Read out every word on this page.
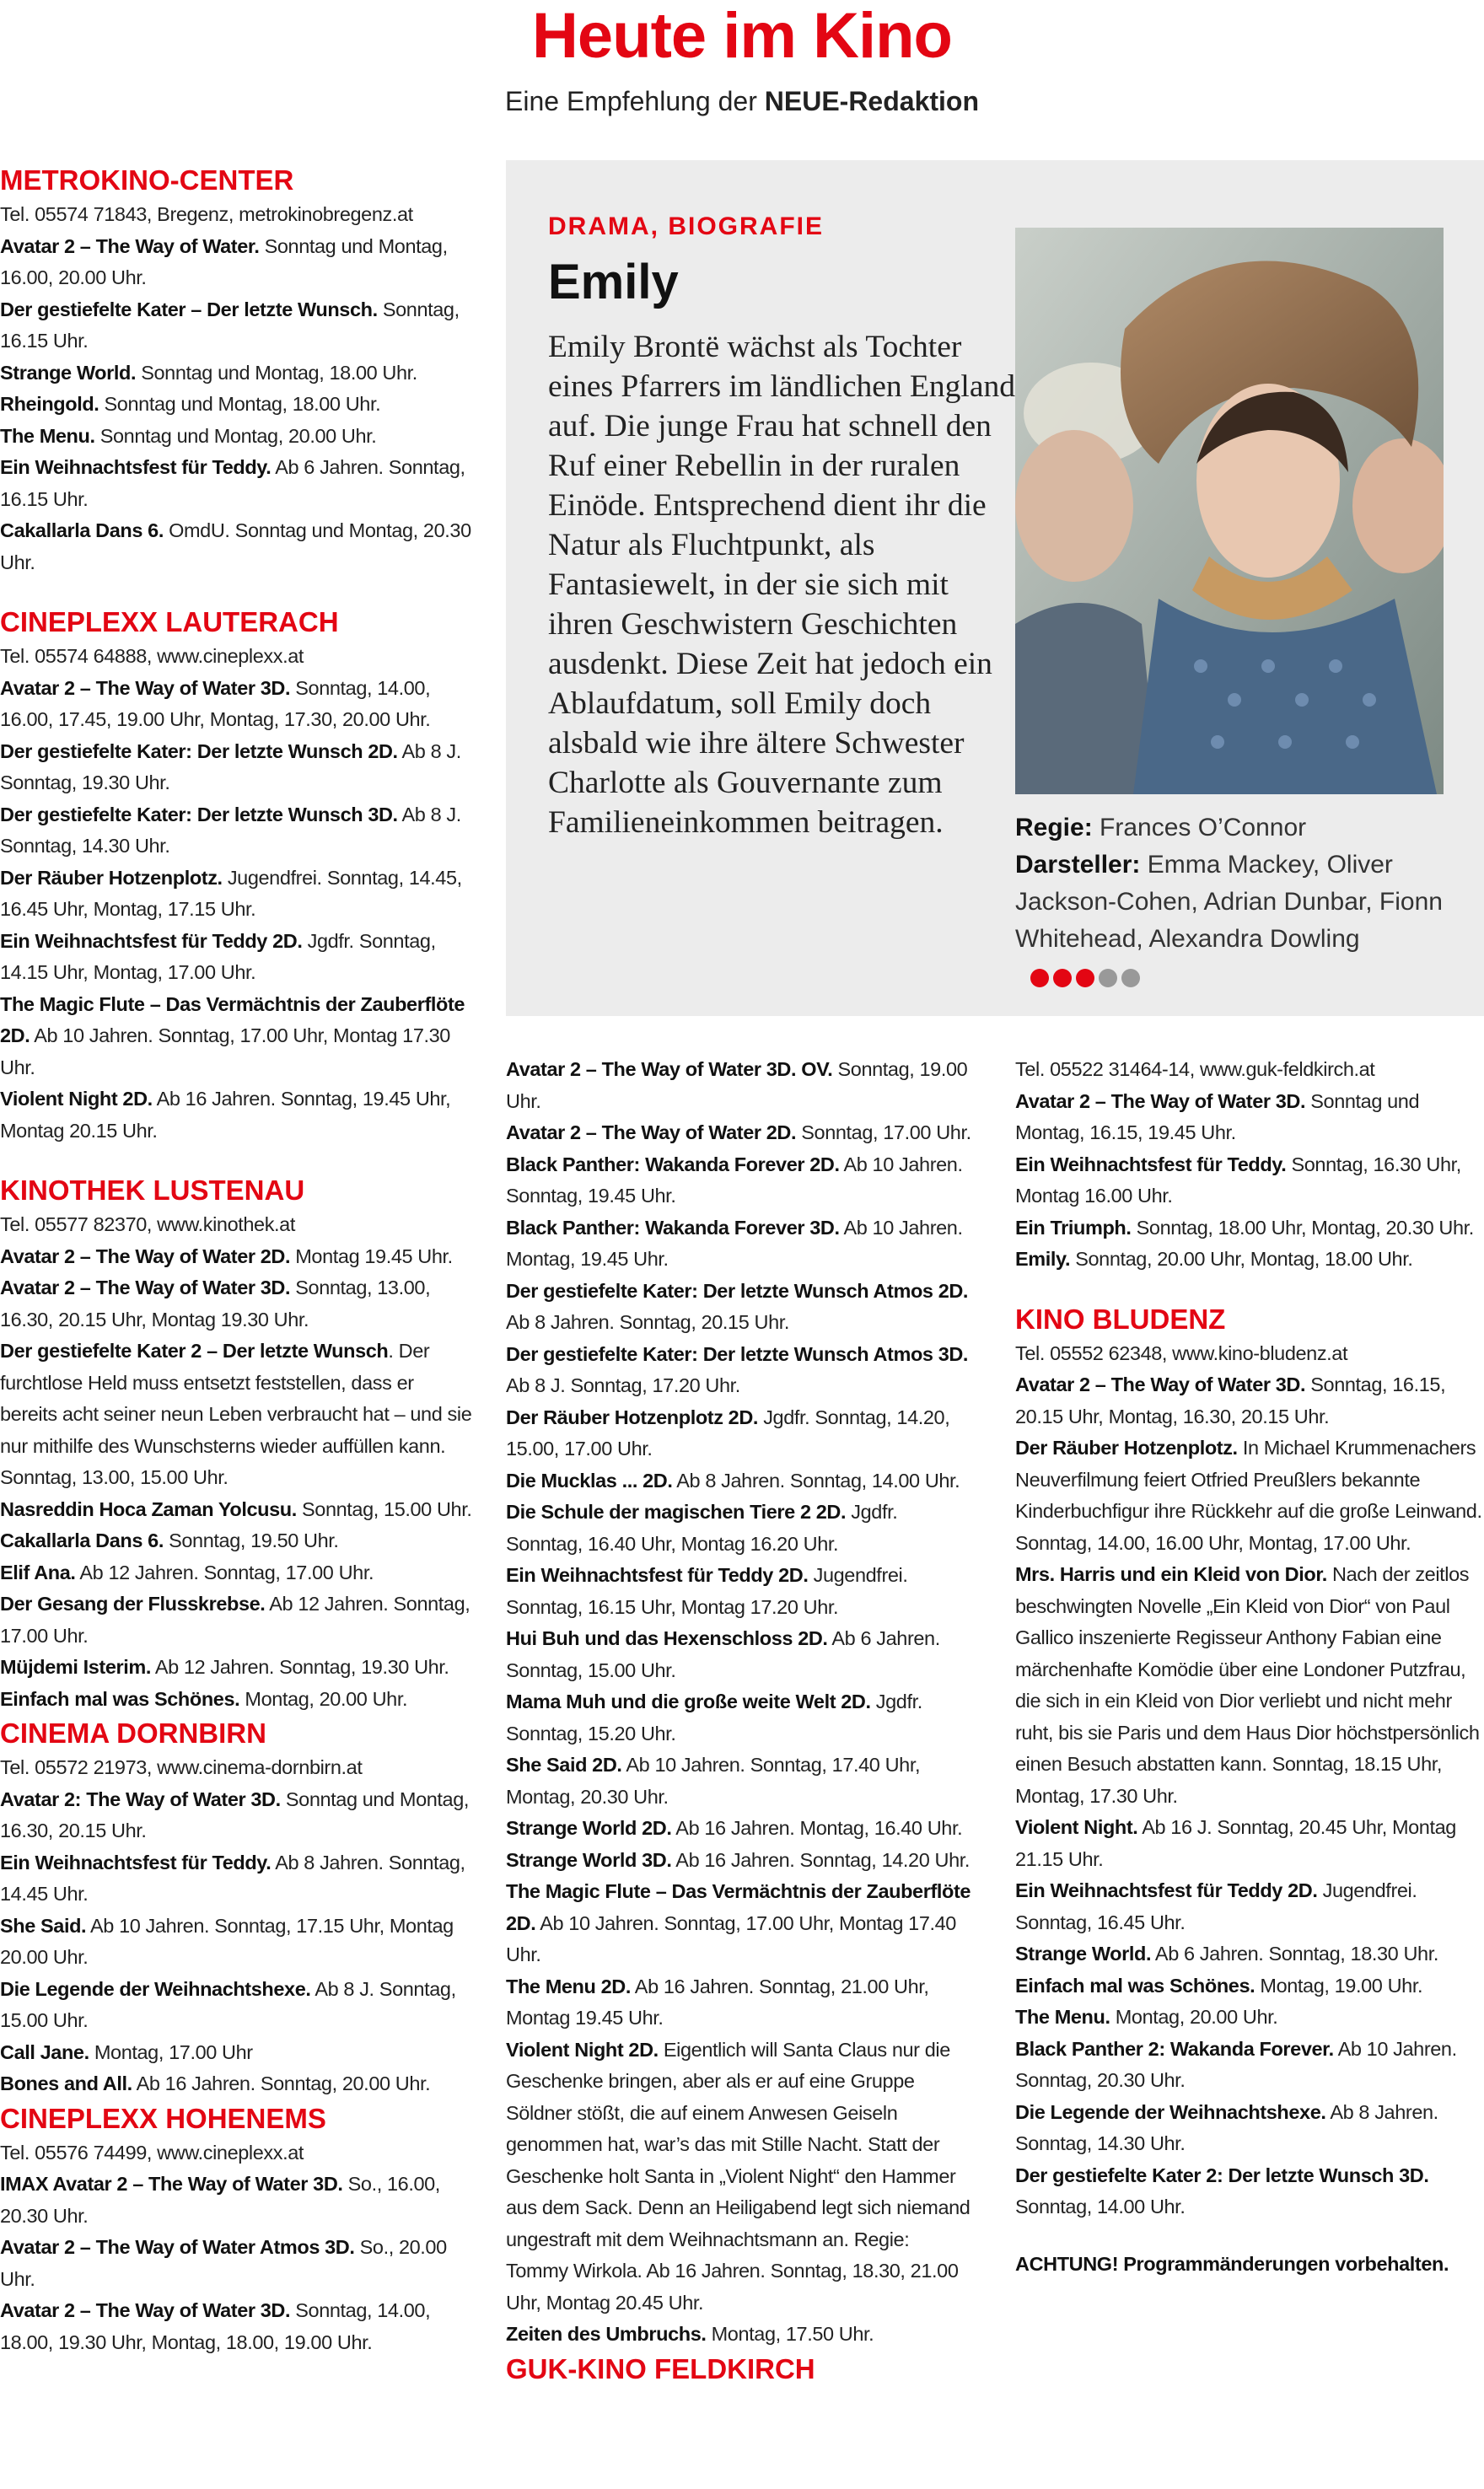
Heute im Kino
Eine Empfehlung der NEUE-Redaktion

METROKINO-CENTER

Tel. 05574 71843, Bregenz, metrokinobregenz.at

Avatar 2 – The Way of Water. Sonntag und Montag, 16.00, 20.00 Uhr.

Der gestiefelte Kater – Der letzte Wunsch. Sonntag, 16.15 Uhr.

Strange World. Sonntag und Montag, 18.00 Uhr.

Rheingold. Sonntag und Montag, 18.00 Uhr.

The Menu. Sonntag und Montag, 20.00 Uhr.

Ein Weihnachtsfest für Teddy. Ab 6 Jahren. Sonntag, 16.15 Uhr.

Cakallarla Dans 6. OmdU. Sonntag und Montag, 20.30 Uhr.

CINEPLEXX LAUTERACH

Tel. 05574 64888, www.cineplexx.at

Avatar 2 – The Way of Water 3D. Sonntag, 14.00, 16.00, 17.45, 19.00 Uhr, Montag, 17.30, 20.00 Uhr.

Der gestiefelte Kater: Der letzte Wunsch 2D. Ab 8 J. Sonntag, 19.30 Uhr.

Der gestiefelte Kater: Der letzte Wunsch 3D. Ab 8 J. Sonntag, 14.30 Uhr.

Der Räuber Hotzenplotz. Jugendfrei. Sonntag, 14.45, 16.45 Uhr, Montag, 17.15 Uhr.

Ein Weihnachtsfest für Teddy 2D. Jgdfr. Sonntag, 14.15 Uhr, Montag, 17.00 Uhr.

The Magic Flute – Das Vermächtnis der Zauberflöte 2D. Ab 10 Jahren. Sonntag, 17.00 Uhr, Montag 17.30 Uhr.

Violent Night 2D. Ab 16 Jahren. Sonntag, 19.45 Uhr, Montag 20.15 Uhr.

KINOTHEK LUSTENAU

Tel. 05577 82370, www.kinothek.at

Avatar 2 – The Way of Water 2D. Montag 19.45 Uhr.

Avatar 2 – The Way of Water 3D. Sonntag, 13.00, 16.30, 20.15 Uhr, Montag 19.30 Uhr.

Der gestiefelte Kater 2 – Der letzte Wunsch. Der furchtlose Held muss entsetzt feststellen, dass er bereits acht seiner neun Leben verbraucht hat – und sie nur mithilfe des Wunschsterns wieder auffüllen kann. Sonntag, 13.00, 15.00 Uhr.

Nasreddin Hoca Zaman Yolcusu. Sonntag, 15.00 Uhr.

Cakallarla Dans 6. Sonntag, 19.50 Uhr.

Elif Ana. Ab 12 Jahren. Sonntag, 17.00 Uhr.

Der Gesang der Flusskrebse. Ab 12 Jahren. Sonntag, 17.00 Uhr.

Müjdemi Isterim. Ab 12 Jahren. Sonntag, 19.30 Uhr.

Einfach mal was Schönes. Montag, 20.00 Uhr.

CINEMA DORNBIRN

Tel. 05572 21973, www.cinema-dornbirn.at

Avatar 2: The Way of Water 3D. Sonntag und Montag, 16.30, 20.15 Uhr.

Ein Weihnachtsfest für Teddy. Ab 8 Jahren. Sonntag, 14.45 Uhr.

She Said. Ab 10 Jahren. Sonntag, 17.15 Uhr, Montag 20.00 Uhr.

Die Legende der Weihnachtshexe. Ab 8 J. Sonntag, 15.00 Uhr.

Call Jane. Montag, 17.00 Uhr

Bones and All. Ab 16 Jahren. Sonntag, 20.00 Uhr.

CINEPLEXX HOHENEMS

Tel. 05576 74499, www.cineplexx.at

IMAX Avatar 2 – The Way of Water 3D. So., 16.00, 20.30 Uhr.

Avatar 2 – The Way of Water Atmos 3D. So., 20.00 Uhr.

Avatar 2 – The Way of Water 3D. Sonntag, 14.00, 18.00, 19.30 Uhr, Montag, 18.00, 19.00 Uhr.

DRAMA, BIOGRAFIE
Emily
Emily Brontë wächst als Tochter eines Pfarrers im ländlichen England auf. Die junge Frau hat schnell den Ruf einer Rebellin in der ruralen Einöde. Entsprechend dient ihr die Natur als Fluchtpunkt, als Fantasiewelt, in der sie sich mit ihren Geschwistern Geschichten ausdenkt. Diese Zeit hat jedoch ein Ablaufdatum, soll Emily doch alsbald wie ihre ältere Schwester Charlotte als Gouvernante zum Familieneinkommen beitragen.	Regie: Frances O’Connor
Darsteller: Emma Mackey, Oliver Jackson-Cohen, Adrian Dunbar, Fionn Whitehead, Alexandra Dowling

Avatar 2 – The Way of Water 3D. OV. Sonntag, 19.00 Uhr.

Avatar 2 – The Way of Water 2D. Sonntag, 17.00 Uhr.

Black Panther: Wakanda Forever 2D. Ab 10 Jahren. Sonntag, 19.45 Uhr.

Black Panther: Wakanda Forever 3D. Ab 10 Jahren. Montag, 19.45 Uhr.

Der gestiefelte Kater: Der letzte Wunsch Atmos 2D. Ab 8 Jahren. Sonntag, 20.15 Uhr.

Der gestiefelte Kater: Der letzte Wunsch Atmos 3D. Ab 8 J. Sonntag, 17.20 Uhr.

Der Räuber Hotzenplotz 2D. Jgdfr. Sonntag, 14.20, 15.00, 17.00 Uhr.

Die Mucklas ... 2D. Ab 8 Jahren. Sonntag, 14.00 Uhr.

Die Schule der magischen Tiere 2 2D. Jgdfr. Sonntag, 16.40 Uhr, Montag 16.20 Uhr.

Ein Weihnachtsfest für Teddy 2D. Jugendfrei. Sonntag, 16.15 Uhr, Montag 17.20 Uhr.

Hui Buh und das Hexenschloss 2D. Ab 6 Jahren. Sonntag, 15.00 Uhr.

Mama Muh und die große weite Welt 2D. Jgdfr. Sonntag, 15.20 Uhr.

She Said 2D. Ab 10 Jahren. Sonntag, 17.40 Uhr, Montag, 20.30 Uhr.

Strange World 2D. Ab 16 Jahren. Montag, 16.40 Uhr.

Strange World 3D. Ab 16 Jahren. Sonntag, 14.20 Uhr.

The Magic Flute – Das Vermächtnis der Zauberflöte 2D. Ab 10 Jahren. Sonntag, 17.00 Uhr, Montag 17.40 Uhr.

The Menu 2D. Ab 16 Jahren. Sonntag, 21.00 Uhr, Montag 19.45 Uhr.

Violent Night 2D. Eigentlich will Santa Claus nur die Geschenke bringen, aber als er auf eine Gruppe Söldner stößt, die auf einem Anwesen Geiseln genommen hat, war’s das mit Stille Nacht. Statt der Geschenke holt Santa in „Violent Night“ den Hammer aus dem Sack. Denn an Heiligabend legt sich niemand ungestraft mit dem Weihnachtsmann an. Regie: Tommy Wirkola. Ab 16 Jahren. Sonntag, 18.30, 21.00 Uhr, Montag 20.45 Uhr.

Zeiten des Umbruchs. Montag, 17.50 Uhr.

GUK-KINO FELDKIRCH

Tel. 05522 31464-14, www.guk-feldkirch.at

Avatar 2 – The Way of Water 3D. Sonntag und Montag, 16.15, 19.45 Uhr.

Ein Weihnachtsfest für Teddy. Sonntag, 16.30 Uhr, Montag 16.00 Uhr.

Ein Triumph. Sonntag, 18.00 Uhr, Montag, 20.30 Uhr.

Emily. Sonntag, 20.00 Uhr, Montag, 18.00 Uhr.

KINO BLUDENZ

Tel. 05552 62348, www.kino-bludenz.at

Avatar 2 – The Way of Water 3D. Sonntag, 16.15, 20.15 Uhr, Montag, 16.30, 20.15 Uhr.

Der Räuber Hotzenplotz. In Michael Krummenachers Neuverfilmung feiert Otfried Preußlers bekannte Kinderbuchfigur ihre Rückkehr auf die große Leinwand. Sonntag, 14.00, 16.00 Uhr, Montag, 17.00 Uhr.

Mrs. Harris und ein Kleid von Dior. Nach der zeitlos beschwingten Novelle „Ein Kleid von Dior“ von Paul Gallico inszenierte Regisseur Anthony Fabian eine märchenhafte Komödie über eine Londoner Putzfrau, die sich in ein Kleid von Dior verliebt und nicht mehr ruht, bis sie Paris und dem Haus Dior höchstpersönlich einen Besuch abstatten kann. Sonntag, 18.15 Uhr, Montag, 17.30 Uhr.

Violent Night. Ab 16 J. Sonntag, 20.45 Uhr, Montag 21.15 Uhr.

Ein Weihnachtsfest für Teddy 2D. Jugendfrei. Sonntag, 16.45 Uhr.

Strange World. Ab 6 Jahren. Sonntag, 18.30 Uhr.

Einfach mal was Schönes. Montag, 19.00 Uhr.

The Menu. Montag, 20.00 Uhr.

Black Panther 2: Wakanda Forever. Ab 10 Jahren. Sonntag, 20.30 Uhr.

Die Legende der Weihnachtshexe. Ab 8 Jahren. Sonntag, 14.30 Uhr.

Der gestiefelte Kater 2: Der letzte Wunsch 3D. Sonntag, 14.00 Uhr.

ACHTUNG! Programmänderungen vorbehalten.
